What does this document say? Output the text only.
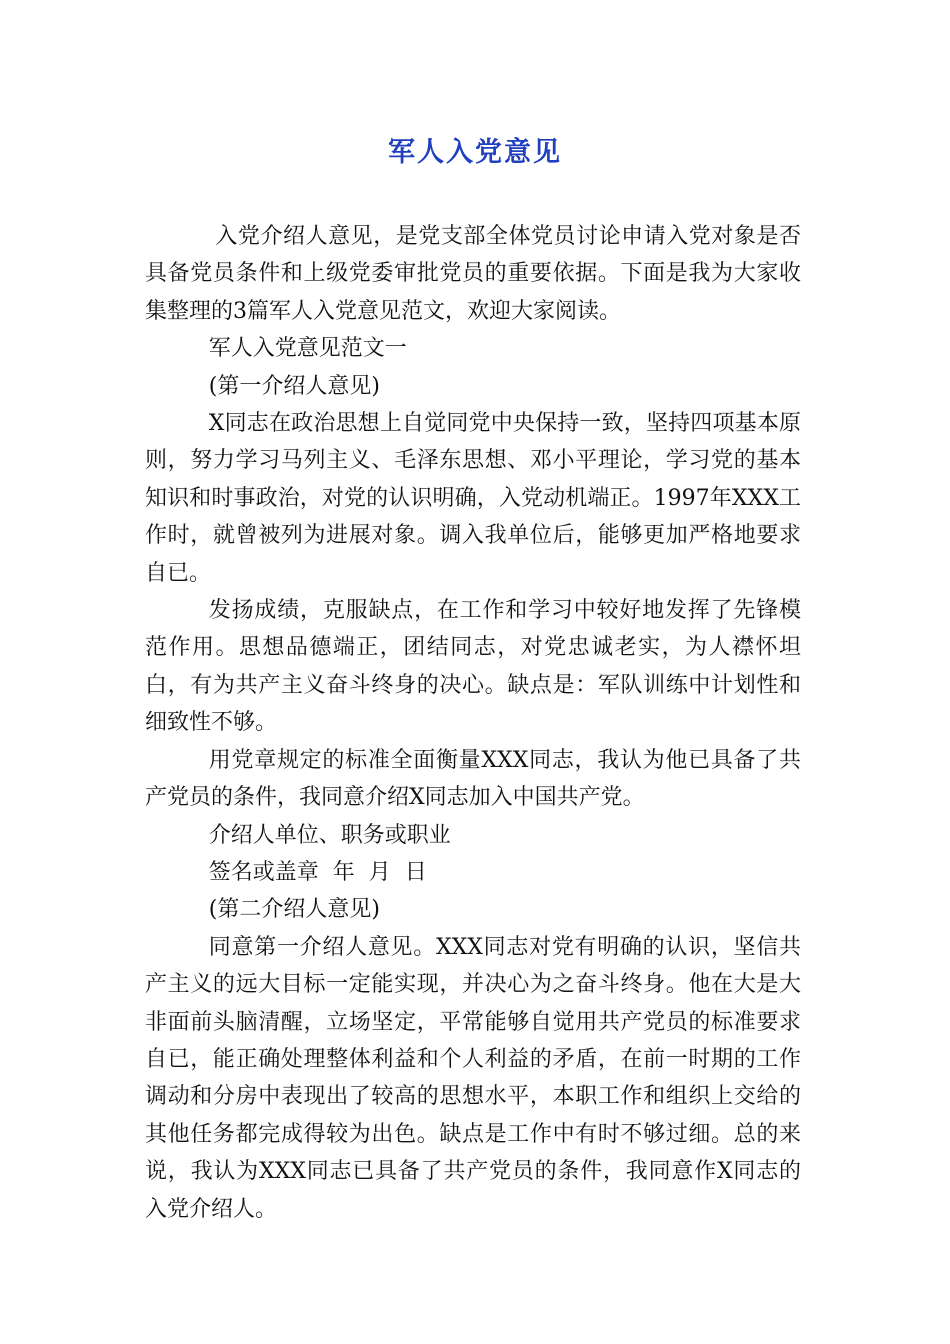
军人入党意见

入党介绍人意见，是党支部全体党员讨论申请入党对象是否具备党员条件和上级党委审批党员的重要依据。下面是我为大家收集整理的3篇军人入党意见范文，欢迎大家阅读。

军人入党意见范文一

(第一介绍人意见)

X同志在政治思想上自觉同党中央保持一致，坚持四项基本原则，努力学习马列主义、毛泽东思想、邓小平理论，学习党的基本知识和时事政治，对党的认识明确，入党动机端正。1997年XXX工作时，就曾被列为进展对象。调入我单位后，能够更加严格地要求自已。

发扬成绩，克服缺点，在工作和学习中较好地发挥了先锋模范作用。思想品德端正，团结同志，对党忠诚老实，为人襟怀坦白，有为共产主义奋斗终身的决心。缺点是：军队训练中计划性和细致性不够。

用党章规定的标准全面衡量XXX同志，我认为他已具备了共产党员的条件，我同意介绍X同志加入中国共产党。

介绍人单位、职务或职业

签名或盖章  年  月  日

(第二介绍人意见)

同意第一介绍人意见。XXX同志对党有明确的认识，坚信共产主义的远大目标一定能实现，并决心为之奋斗终身。他在大是大非面前头脑清醒，立场坚定，平常能够自觉用共产党员的标准要求自已，能正确处理整体利益和个人利益的矛盾，在前一时期的工作调动和分房中表现出了较高的思想水平，本职工作和组织上交给的其他任务都完成得较为出色。缺点是工作中有时不够过细。总的来说，我认为XXX同志已具备了共产党员的条件，我同意作X同志的入党介绍人。
